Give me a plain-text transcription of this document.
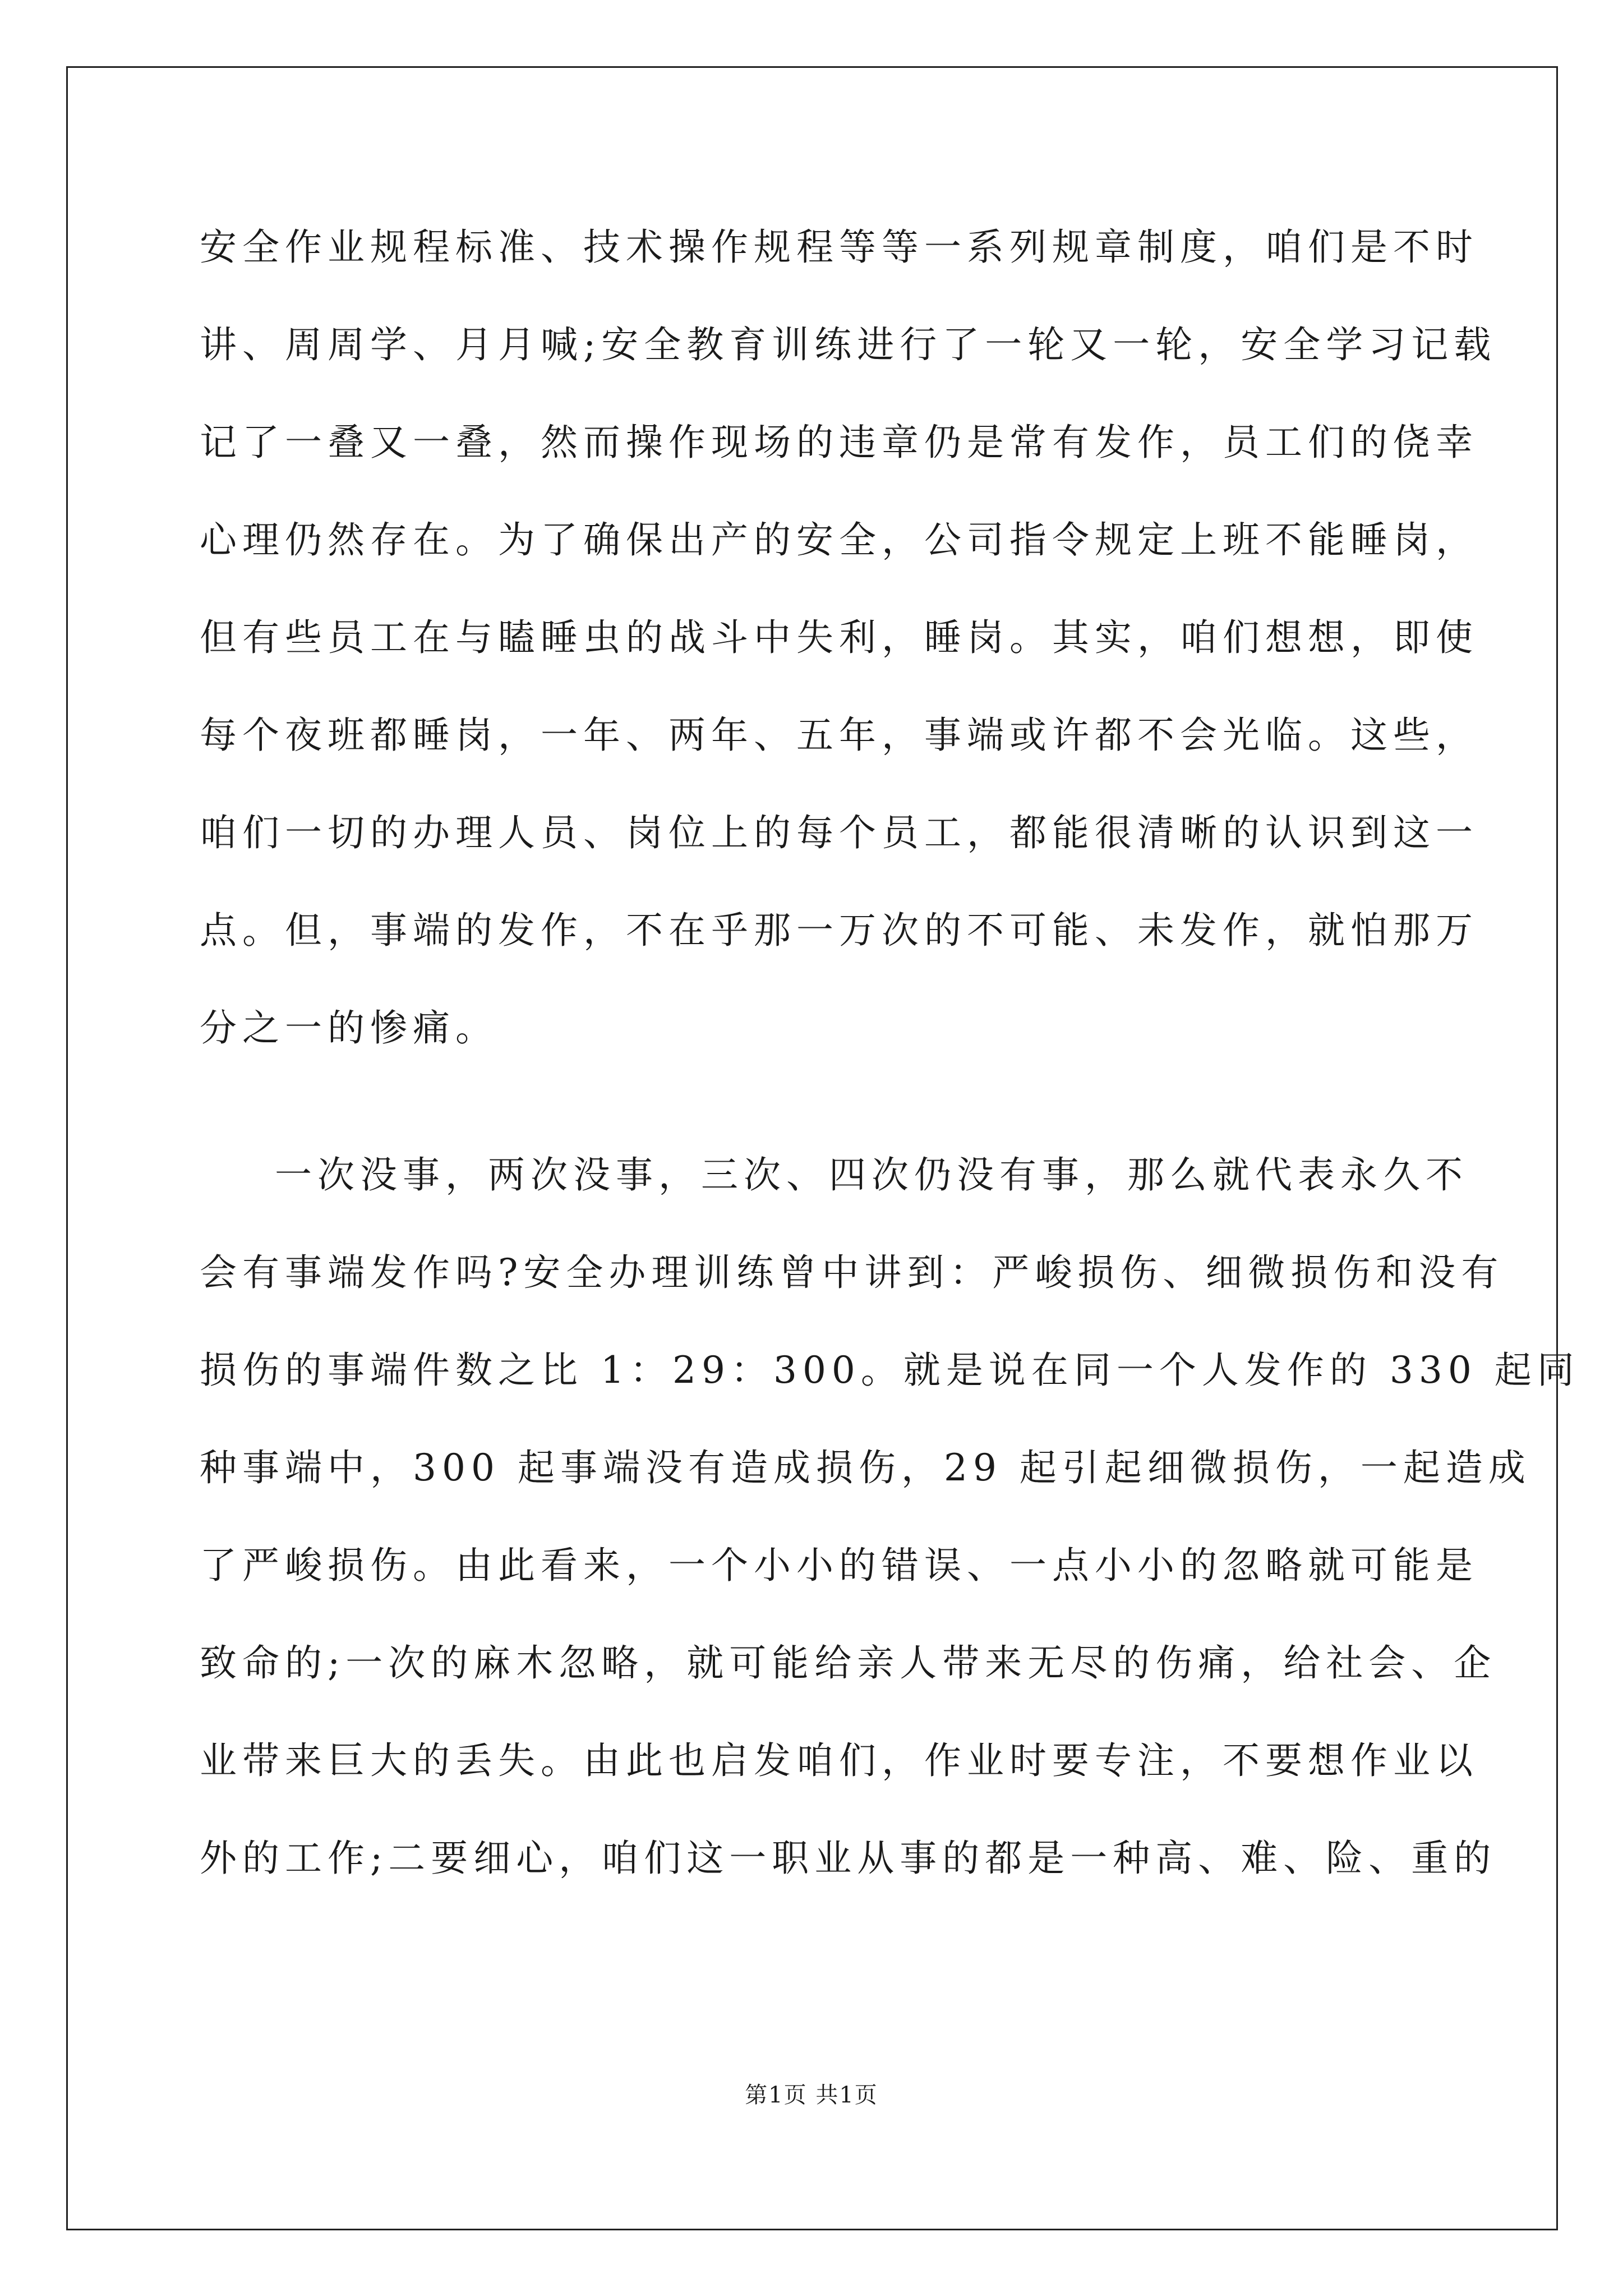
安全作业规程标准、技术操作规程等等一系列规章制度，咱们是不时
讲、周周学、月月喊;安全教育训练进行了一轮又一轮，安全学习记载
记了一叠又一叠，然而操作现场的违章仍是常有发作，员工们的侥幸
心理仍然存在。为了确保出产的安全，公司指令规定上班不能睡岗，
但有些员工在与瞌睡虫的战斗中失利，睡岗。其实，咱们想想，即使
每个夜班都睡岗，一年、两年、五年，事端或许都不会光临。这些，
咱们一切的办理人员、岗位上的每个员工，都能很清晰的认识到这一
点。但，事端的发作，不在乎那一万次的不可能、未发作，就怕那万
分之一的惨痛。
一次没事，两次没事，三次、四次仍没有事，那么就代表永久不
会有事端发作吗?安全办理训练曾中讲到：严峻损伤、细微损伤和没有
损伤的事端件数之比 1：29：300。就是说在同一个人发作的 330 起同
种事端中，300 起事端没有造成损伤，29 起引起细微损伤，一起造成
了严峻损伤。由此看来，一个小小的错误、一点小小的忽略就可能是
致命的;一次的麻木忽略，就可能给亲人带来无尽的伤痛，给社会、企
业带来巨大的丢失。由此也启发咱们，作业时要专注，不要想作业以
外的工作;二要细心，咱们这一职业从事的都是一种高、难、险、重的
第1页 共1页
